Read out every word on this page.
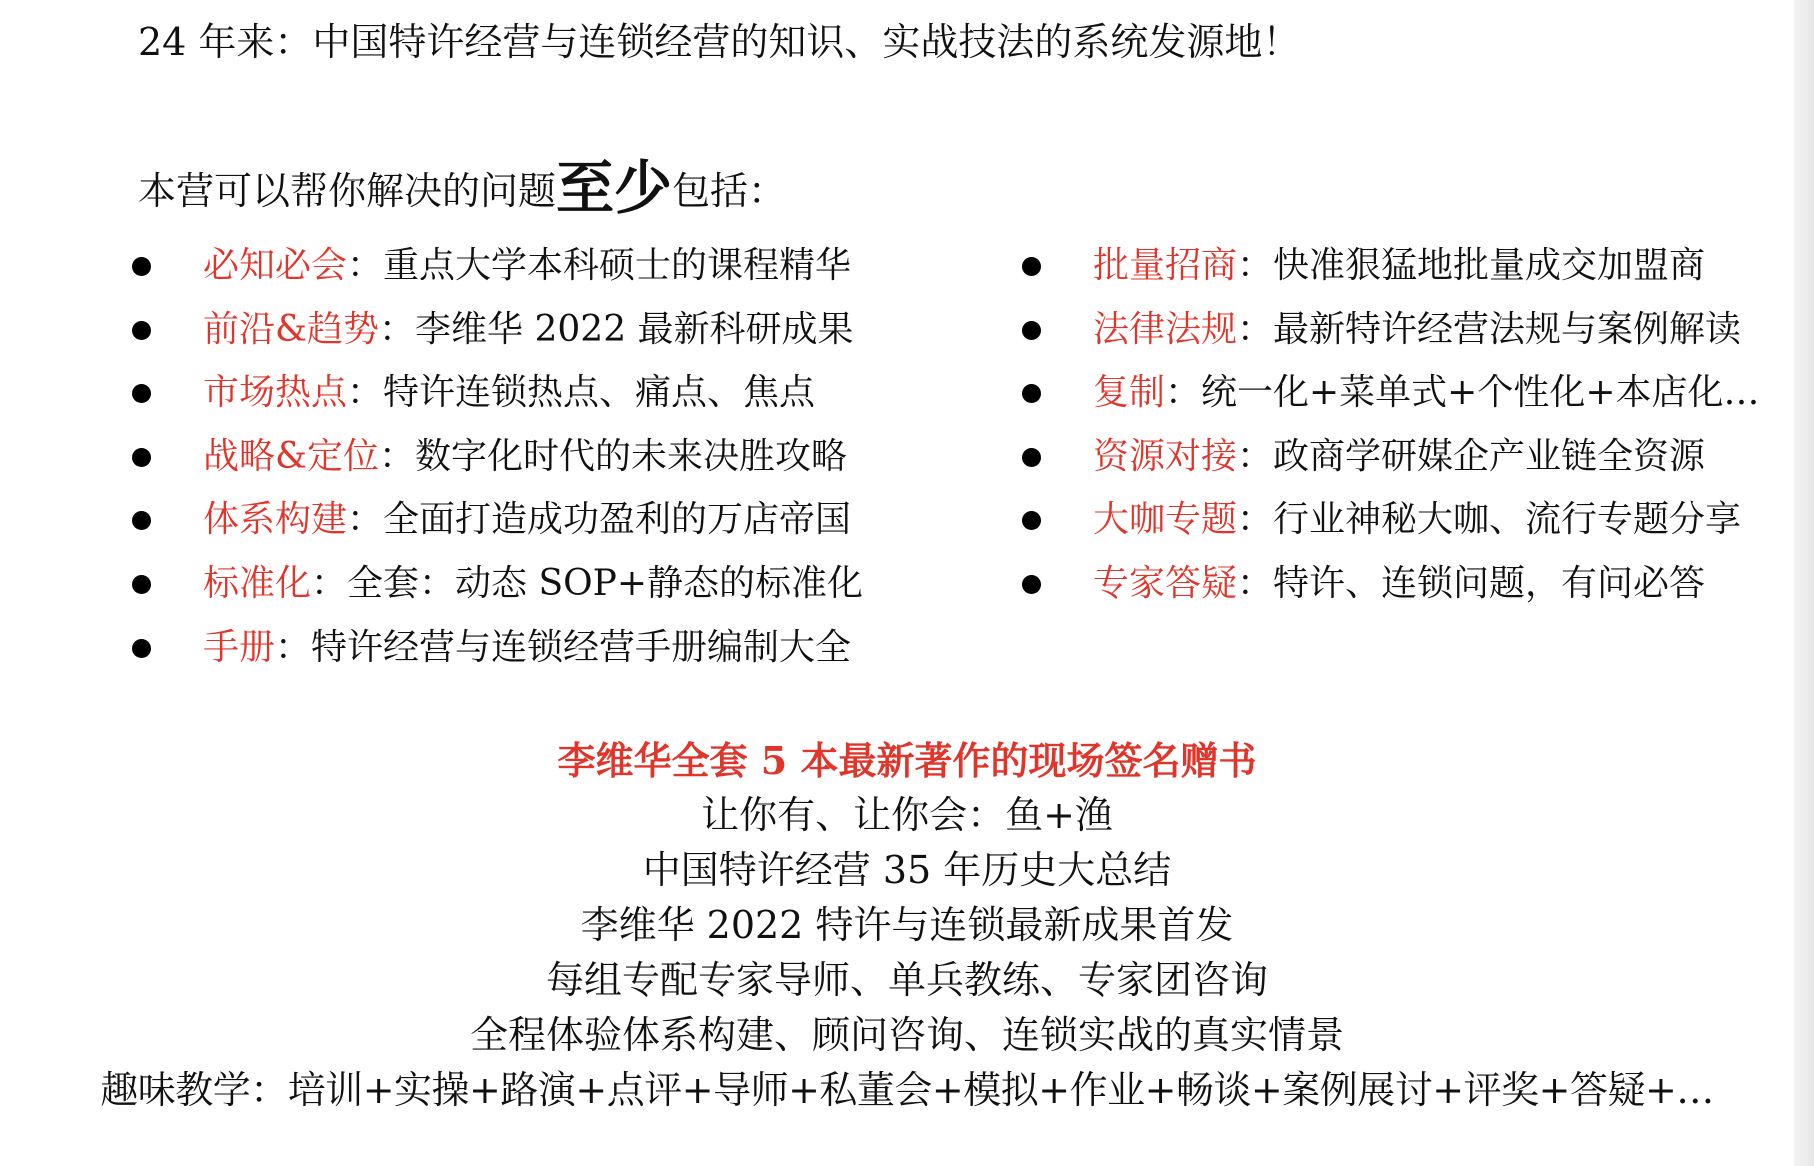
24 年来：中国特许经营与连锁经营的知识、实战技法的系统发源地！
本营可以帮你解决的问题至少包括：
必知必会：重点大学本科硕士的课程精华
前沿&趋势：李维华 2022 最新科研成果
市场热点：特许连锁热点、痛点、焦点
战略&定位：数字化时代的未来决胜攻略
体系构建：全面打造成功盈利的万店帝国
标准化：全套：动态 SOP+静态的标准化
手册：特许经营与连锁经营手册编制大全
批量招商：快准狠猛地批量成交加盟商
法律法规：最新特许经营法规与案例解读
复制：统一化+菜单式+个性化+本店化…
资源对接：政商学研媒企产业链全资源
大咖专题：行业神秘大咖、流行专题分享
专家答疑：特许、连锁问题，有问必答
李维华全套 5 本最新著作的现场签名赠书
让你有、让你会：鱼+渔
中国特许经营 35 年历史大总结
李维华 2022 特许与连锁最新成果首发
每组专配专家导师、单兵教练、专家团咨询
全程体验体系构建、顾问咨询、连锁实战的真实情景
趣味教学：培训+实操+路演+点评+导师+私董会+模拟+作业+畅谈+案例展讨+评奖+答疑+…
